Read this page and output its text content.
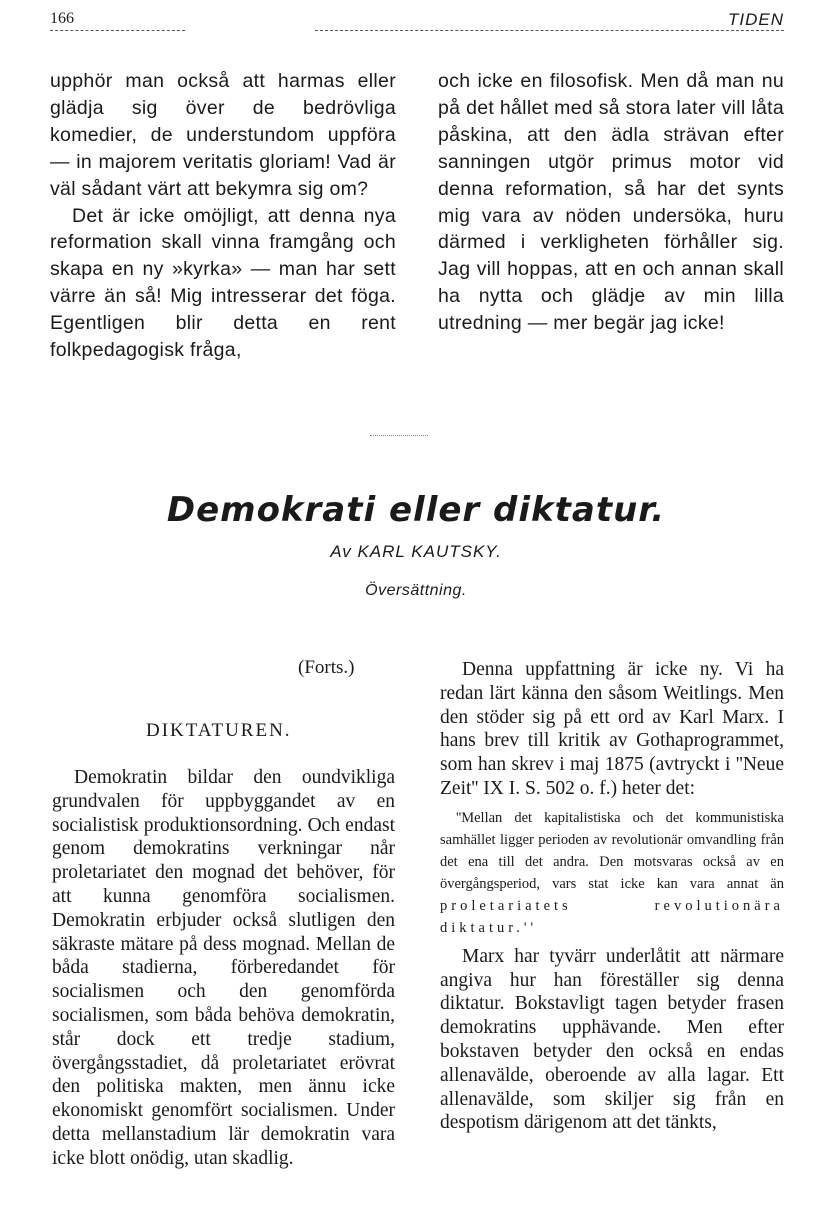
166	TIDEN

upphör man också att harmas eller glädja sig över de bedrövliga komedier, de understundom uppföra — in majorem veritatis gloriam! Vad är väl sådant värt att bekymra sig om?

Det är icke omöjligt, att denna nya reformation skall vinna framgång och skapa en ny »kyrka» — man har sett värre än så! Mig intresserar det föga. Egentligen blir detta en rent folkpedagogisk fråga,

och icke en filosofisk. Men då man nu på det hållet med så stora later vill låta påskina, att den ädla strävan efter sanningen utgör primus motor vid denna reformation, så har det synts mig vara av nöden undersöka, huru därmed i verkligheten förhåller sig. Jag vill hoppas, att en och annan skall ha nytta och glädje av min lilla utredning — mer begär jag icke!

Demokrati eller diktatur.
Av KARL KAUTSKY.
Översättning.
(Forts.)
DIKTATUREN.

Demokratin bildar den oundvikliga grundvalen för uppbyggandet av en socialistisk produktionsordning. Och endast genom demokratins verkningar når proletariatet den mognad det behöver, för att kunna genomföra socialismen. Demokratin erbjuder också slutligen den säkraste mätare på dess mognad. Mellan de båda stadierna, förberedandet för socialismen och den genomförda socialismen, som båda behöva demokratin, står dock ett tredje stadium, övergångsstadiet, då proletariatet erövrat den politiska makten, men ännu icke ekonomiskt genomfört socialismen. Under detta mellanstadium lär demokratin vara icke blott onödig, utan skadlig.

Denna uppfattning är icke ny. Vi ha redan lärt känna den såsom Weitlings. Men den stöder sig på ett ord av Karl Marx. I hans brev till kritik av Gothaprogrammet, som han skrev i maj 1875 (avtryckt i ''Neue Zeit'' IX I. S. 502 o. f.) heter det:

''Mellan det kapitalistiska och det kommunistiska samhället ligger perioden av revolutionär omvandling från det ena till det andra. Den motsvaras också av en övergångsperiod, vars stat icke kan vara annat än proletariatets revolutionära diktatur.''

Marx har tyvärr underlåtit att närmare angiva hur han föreställer sig denna diktatur. Bokstavligt tagen betyder frasen demokratins upphävande. Men efter bokstaven betyder den också en endas allenavälde, oberoende av alla lagar. Ett allenavälde, som skiljer sig från en despotism därigenom att det tänkts,
